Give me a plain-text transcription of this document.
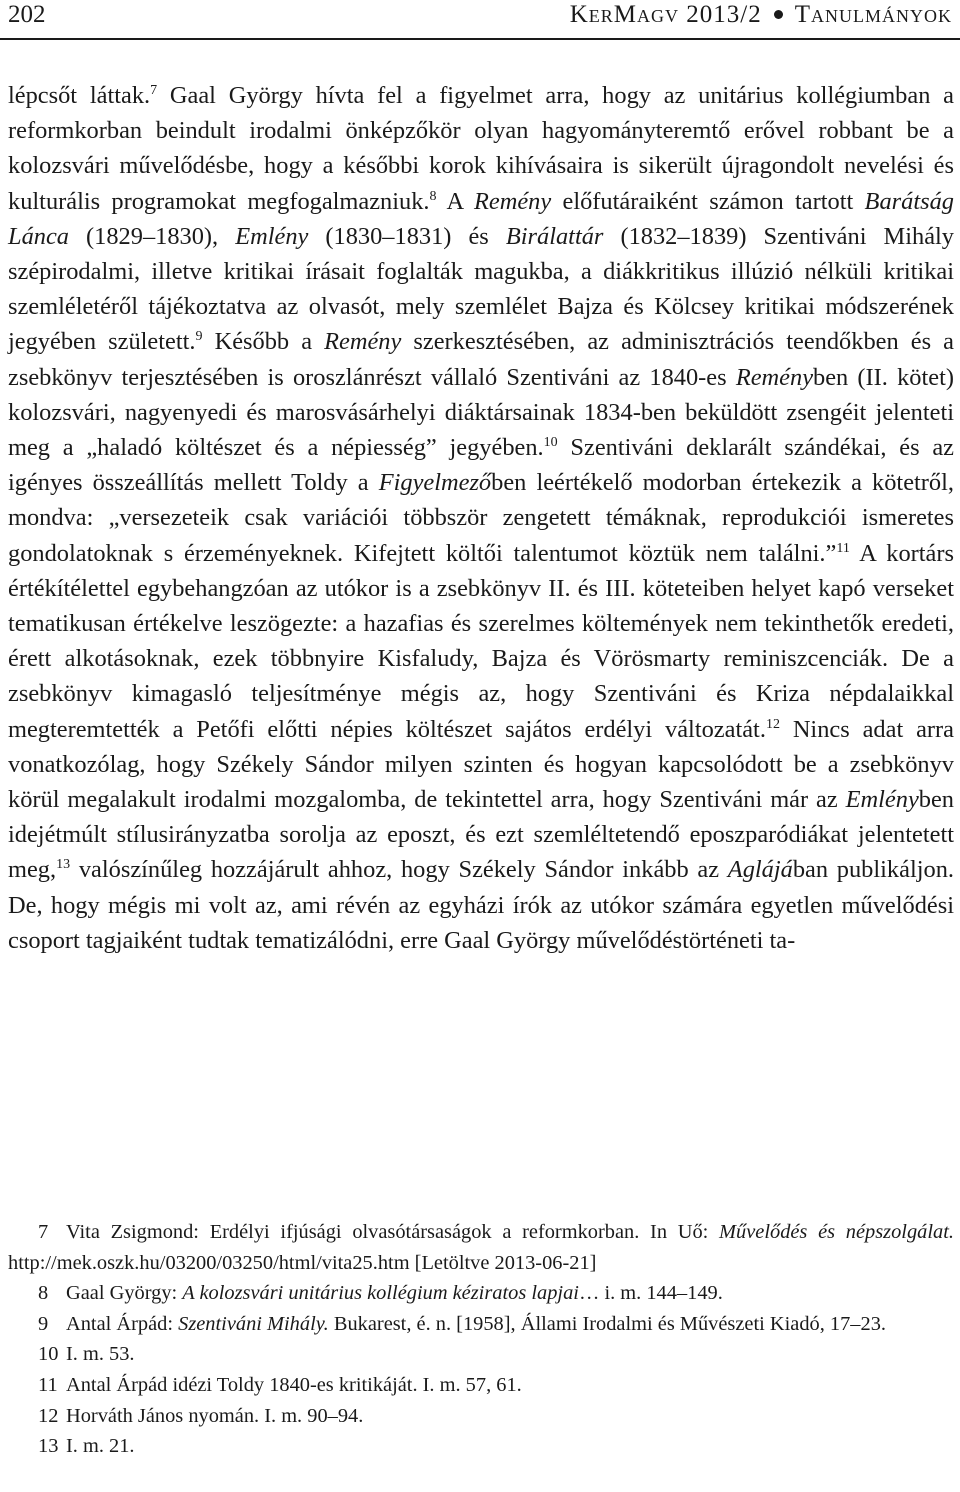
202	KerMagv 2013/2 Tanulmányok
lépcsőt láttak.$^7$ Gaal György hívta fel a figyelmet arra, hogy az unitárius kollégiumban a reformkorban beindult irodalmi önképzőkör olyan hagyományteremtő erővel robbant be a kolozsvári művelődésbe, hogy a későbbi korok kihívásaira is sikerült újragondolt nevelési és kulturális programokat megfogalmazniuk.$^8$ A Remény előfutáraiként számon tartott Barátság Lánca (1829–1830), Emlény (1830–1831) és Birálattár (1832–1839) Szentiváni Mihály szépirodalmi, illetve kritikai írásait foglalták magukba, a diákkritikus illúzió nélküli kritikai szemléletéről tájékoztatva az olvasót, mely szemlélet Bajza és Kölcsey kritikai módszerének jegyében született.$^9$ Később a Remény szerkesztésében, az adminisztrációs teendőkben és a zsebkönyv terjesztésében is oroszlánrészt vállaló Szentiváni az 1840-es Reményben (II. kötet) kolozsvári, nagyenyedi és marosvásárhelyi diáktársainak 1834-ben beküldött zsengéit jelenteti meg a „haladó költészet és a népiesség” jegyében.$^{10}$ Szentiváni deklarált szándékai, és az igényes összeállítás mellett Toldy a Figyelmezőben leértékelő modorban értekezik a kötetről, mondva: „versezeteik csak variációi többször zengetett témáknak, reprodukciói ismeretes gondolatoknak s érzeményeknek. Kifejtett költői talentumot köztük nem találni.”$^{11}$ A kortárs értékítélettel egybehangzóan az utókor is a zsebkönyv II. és III. köteteiben helyet kapó verseket tematikusan értékelve leszögezte: a hazafias és szerelmes költemények nem tekinthetők eredeti, érett alkotásoknak, ezek többnyire Kisfaludy, Bajza és Vörösmarty reminiszcenciák. De a zsebkönyv kimagasló teljesítménye mégis az, hogy Szentiváni és Kriza népdalaikkal megteremtették a Petőfi előtti népies költészet sajátos erdélyi változatát.$^{12}$ Nincs adat arra vonatkozólag, hogy Székely Sándor milyen szinten és hogyan kapcsolódott be a zsebkönyv körül megalakult irodalmi mozgalomba, de tekintettel arra, hogy Szentiváni már az Emlényben idejétmúlt stílusirányzatba sorolja az eposzt, és ezt szemléltetendő eposzparódiákat jelentetett meg,$^{13}$ valószínűleg hozzájárult ahhoz, hogy Székely Sándor inkább az Aglájában publikáljon. De, hogy mégis mi volt az, ami révén az egyházi írók az utókor számára egyetlen művelődési csoport tagjaiként tudtak tematizálódni, erre Gaal György művelődéstörténeti ta-

7 Vita Zsigmond: Erdélyi ifjúsági olvasótársaságok a reformkorban. In Uő: Művelődés és népszolgálat. http://mek.oszk.hu/03200/03250/html/vita25.htm [Letöltve 2013-06-21]

8 Gaal György: A kolozsvári unitárius kollégium kéziratos lapjai… i. m. 144–149.

9 Antal Árpád: Szentiváni Mihály. Bukarest, é. n. [1958], Állami Irodalmi és Művészeti Kiadó, 17–23.

10 I. m. 53.

11 Antal Árpád idézi Toldy 1840-es kritikáját. I. m. 57, 61.

12 Horváth János nyomán. I. m. 90–94.

13 I. m. 21.
